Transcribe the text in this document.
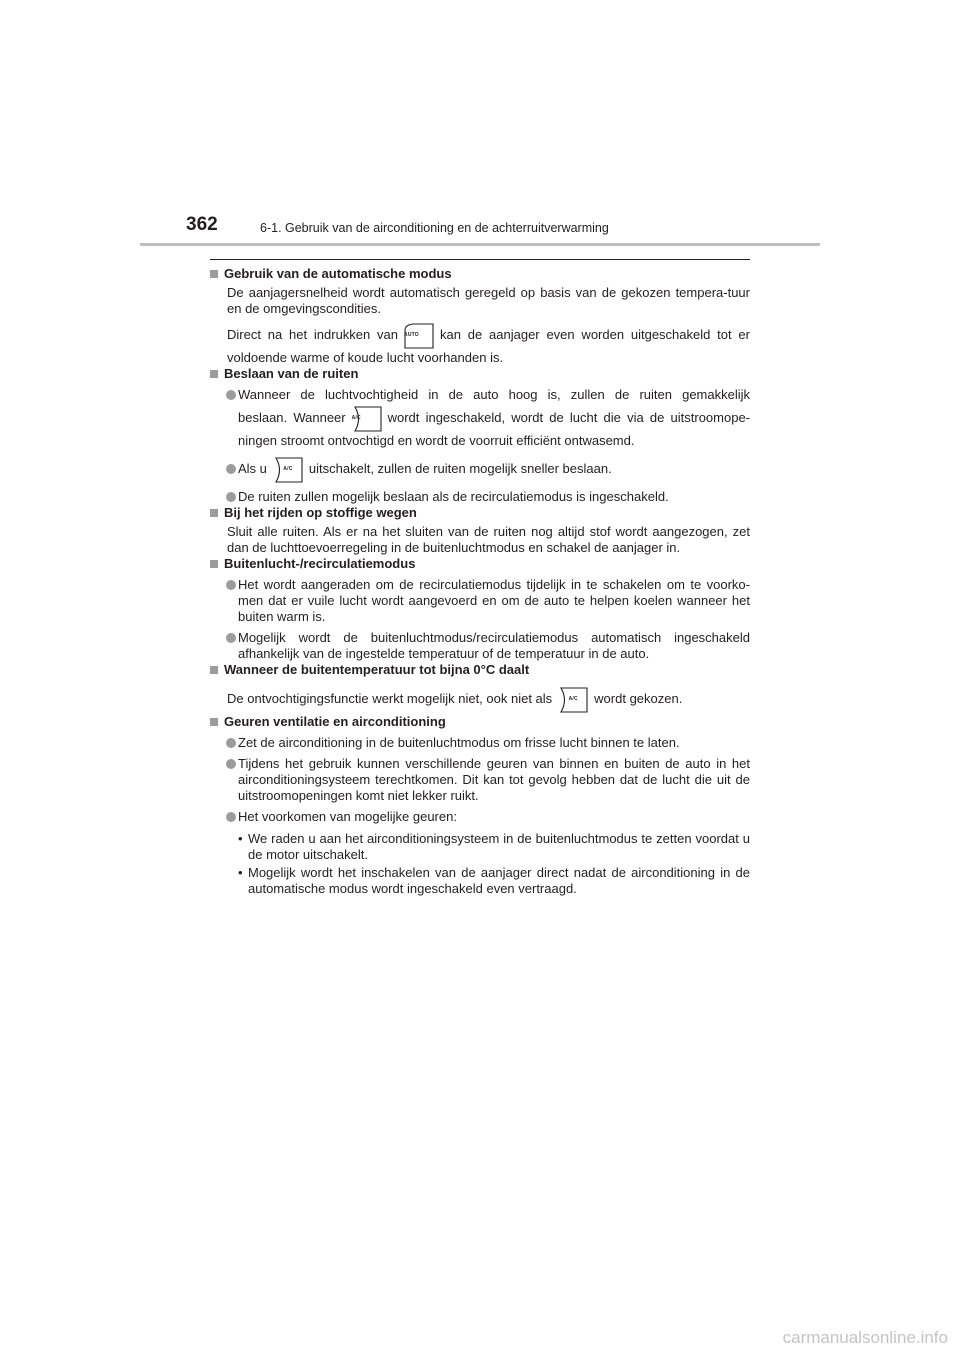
362	6-1. Gebruik van de airconditioning en de achterruitverwarming
Gebruik van de automatische modus
De aanjagersnelheid wordt automatisch geregeld op basis van de gekozen tempera-tuur en de omgevingscondities.
Direct na het indrukken van AUTO	kan de aanjager even worden uitgeschakeld tot er
voldoende warme of koude lucht voorhanden is.
Beslaan van de ruiten
Wanneer de luchtvochtigheid in de auto hoog is, zullen de ruiten gemakkelijk
beslaan. Wanneer A/C	wordt ingeschakeld, wordt de lucht die via de uitstroomope-
ningen stroomt ontvochtigd en wordt de voorruit efficiënt ontwasemd.
Als u	A/C	uitschakelt, zullen de ruiten mogelijk sneller beslaan.
De ruiten zullen mogelijk beslaan als de recirculatiemodus is ingeschakeld.
Bij het rijden op stoffige wegen
Sluit alle ruiten. Als er na het sluiten van de ruiten nog altijd stof wordt aangezogen, zet dan de luchttoevoerregeling in de buitenluchtmodus en schakel de aanjager in.
Buitenlucht-/recirculatiemodus
Het wordt aangeraden om de recirculatiemodus tijdelijk in te schakelen om te voorko-men dat er vuile lucht wordt aangevoerd en om de auto te helpen koelen wanneer het buiten warm is.
Mogelijk wordt de buitenluchtmodus/recirculatiemodus automatisch ingeschakeld afhankelijk van de ingestelde temperatuur of de temperatuur in de auto.
Wanneer de buitentemperatuur tot bijna 0°C daalt
De ontvochtigingsfunctie werkt mogelijk niet, ook niet als	A/C	wordt gekozen.
Geuren ventilatie en airconditioning
Zet de airconditioning in de buitenluchtmodus om frisse lucht binnen te laten.
Tijdens het gebruik kunnen verschillende geuren van binnen en buiten de auto in het airconditioningsysteem terechtkomen. Dit kan tot gevolg hebben dat de lucht die uit de uitstroomopeningen komt niet lekker ruikt.
Het voorkomen van mogelijke geuren:
• We raden u aan het airconditioningsysteem in de buitenluchtmodus te zetten voordat u de motor uitschakelt.
• Mogelijk wordt het inschakelen van de aanjager direct nadat de airconditioning in de automatische modus wordt ingeschakeld even vertraagd.
carmanualsonline.info
